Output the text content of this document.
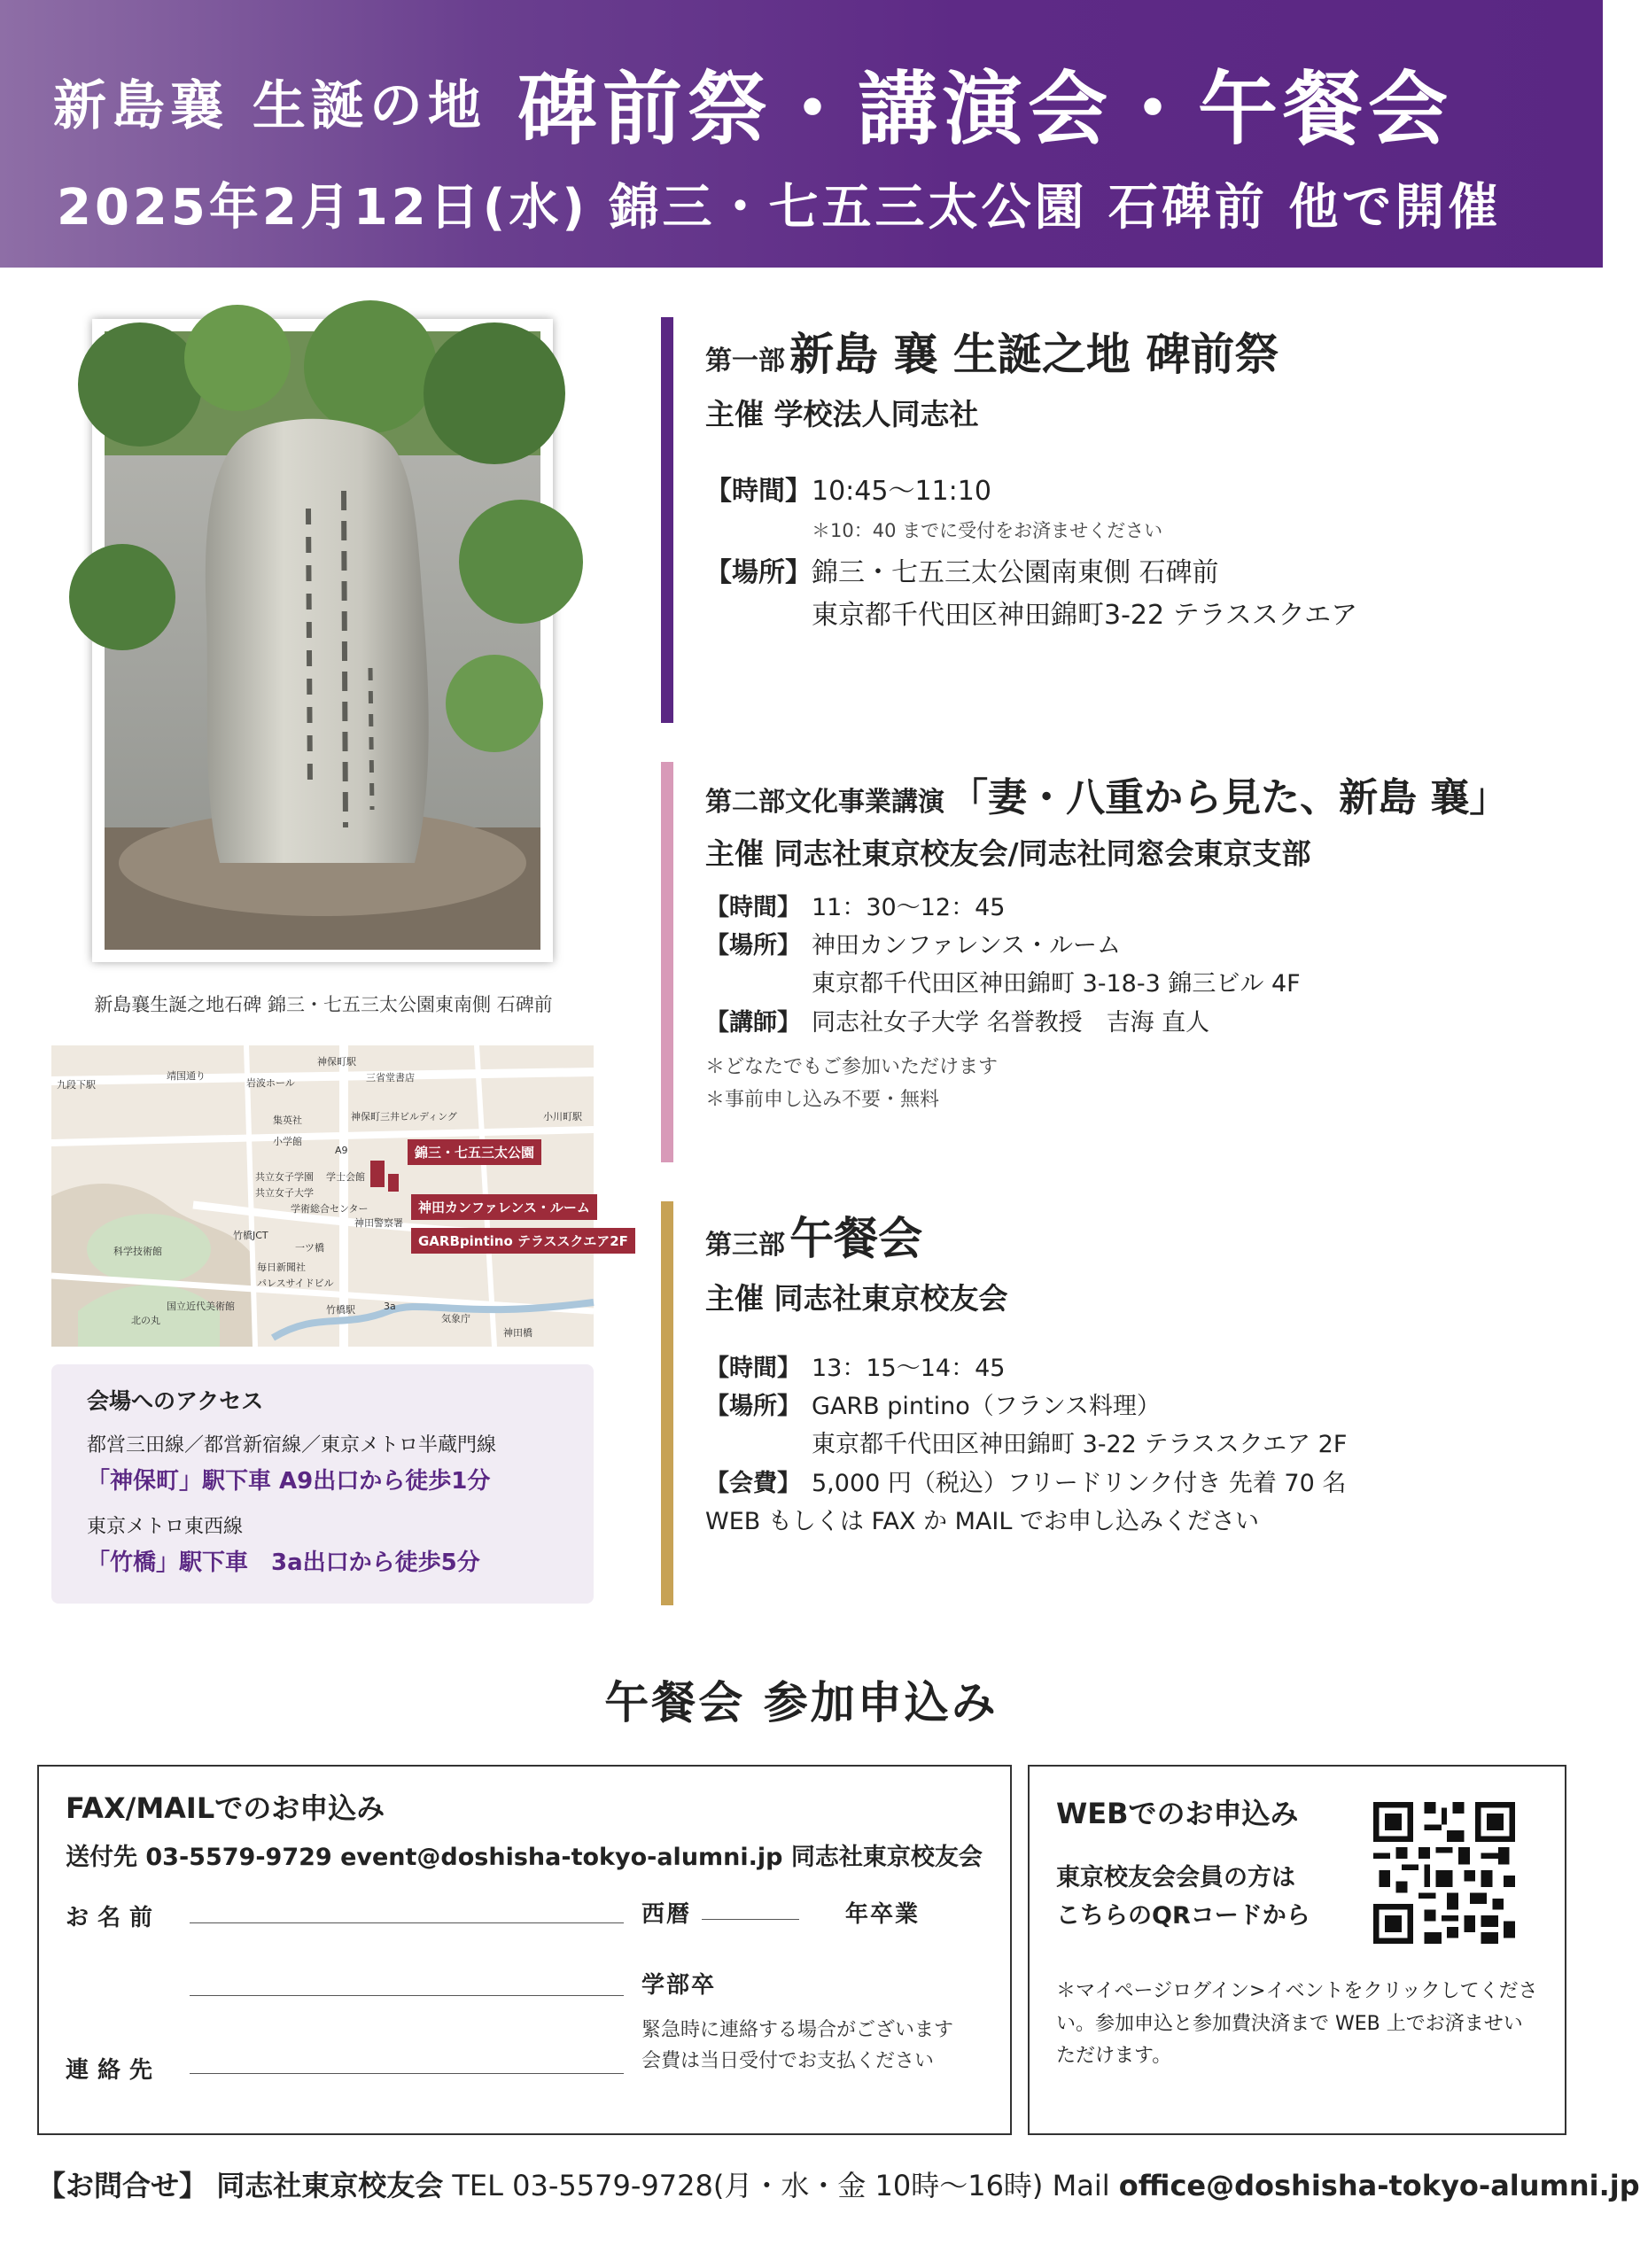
新島襄 生誕の地 碑前祭・講演会・午餐会
2025年2月12日(水) 錦三・七五三太公園 石碑前 他で開催
新島襄生誕之地石碑 錦三・七五三太公園東南側 石碑前
九段下駅
靖国通り
岩波ホール
神保町駅
三省堂書店
小川町駅
集英社
小学館
神保町三井ビルディング
共立女子学園 学士会館
共立女子大学
学術総合センター
神田警察署
科学技術館
竹橋JCT
一ツ橋
毎日新聞社
パレスサイドビル
北の丸
国立近代美術館	竹橋駅
気象庁
神田橋
A9
3a
錦三・七五三太公園
神田カンファレンス・ルーム
GARBpintino テラススクエア2F
会場へのアクセス
都営三田線／都営新宿線／東京メトロ半蔵門線
「神保町」駅下車 A9出口から徒歩1分
東京メトロ東西線
「竹橋」駅下車　3a出口から徒歩5分
第一部 新島 襄 生誕之地 碑前祭
主催 学校法人同志社
【時間】 10:45〜11:10
＊10：40 までに受付をお済ませください
【場所】 錦三・七五三太公園南東側 石碑前
東京都千代田区神田錦町3-22 テラススクエア
第二部文化事業講演 「妻・八重から見た、新島 襄」
主催 同志社東京校友会/同志社同窓会東京支部
【時間】 11：30〜12：45
【場所】 神田カンファレンス・ルーム
東京都千代田区神田錦町 3-18-3 錦三ビル 4F
【講師】 同志社女子大学 名誉教授　吉海 直人
＊どなたでもご参加いただけます
＊事前申し込み不要・無料
第三部 午餐会
主催 同志社東京校友会
【時間】 13：15〜14：45
【場所】 GARB pintino（フランス料理）
東京都千代田区神田錦町 3-22 テラススクエア 2F
【会費】 5,000 円（税込）フリードリンク付き 先着 70 名
WEB もしくは FAX か MAIL でお申し込みください
午餐会 参加申込み
FAX/MAILでのお申込み
送付先 03-5579-9729 event@doshisha-tokyo-alumni.jp 同志社東京校友会
お名前	西暦	年卒業
学部卒
連絡先
緊急時に連絡する場合がございます
会費は当日受付でお支払ください
WEBでのお申込み
東京校友会会員の方は
こちらのQRコードから
＊マイページログイン>イベントをクリックしてください。参加申込と参加費決済まで WEB 上でお済ませいただけます。
【お問合せ】 同志社東京校友会 TEL 03-5579-9728(月・水・金 10時〜16時) Mail office@doshisha-tokyo-alumni.jp
